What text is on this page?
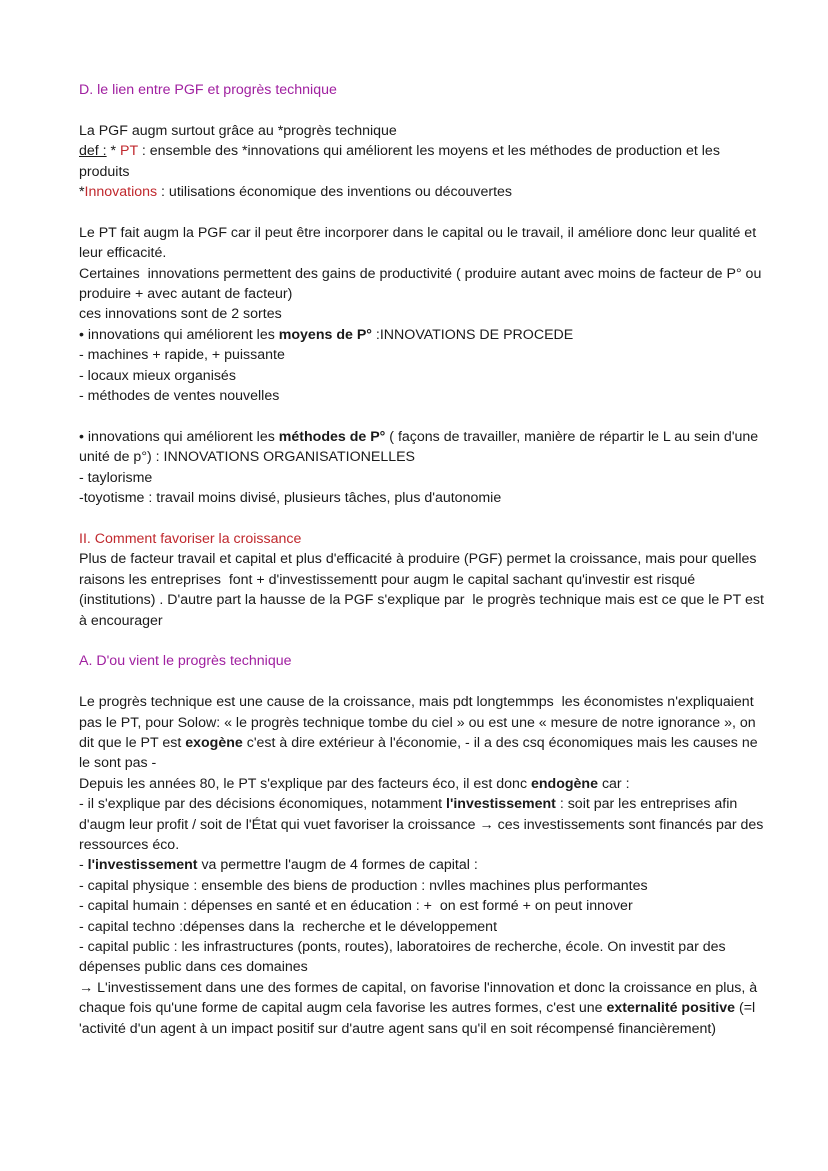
D. le lien entre PGF et progrès technique

La PGF augm surtout grâce au *progrès technique

def : * PT : ensemble des *innovations qui améliorent les moyens et les méthodes de production et les produits

*Innovations : utilisations économique des inventions ou découvertes

Le PT fait augm la PGF car il peut être incorporer dans le capital ou le travail, il améliore donc leur qualité et leur efficacité.

Certaines  innovations permettent des gains de productivité ( produire autant avec moins de facteur de P° ou produire + avec autant de facteur)

ces innovations sont de 2 sortes

• innovations qui améliorent les moyens de P° :INNOVATIONS DE PROCEDE

- machines + rapide, + puissante

- locaux mieux organisés

- méthodes de ventes nouvelles

• innovations qui améliorent les méthodes de P° ( façons de travailler, manière de répartir le L au sein d'une unité de p°) : INNOVATIONS ORGANISATIONELLES

- taylorisme

-toyotisme : travail moins divisé, plusieurs tâches, plus d'autonomie

II. Comment favoriser la croissance

Plus de facteur travail et capital et plus d'efficacité à produire (PGF) permet la croissance, mais pour quelles raisons les entreprises  font + d'investissementt pour augm le capital sachant qu'investir est risqué (institutions) . D'autre part la hausse de la PGF s'explique par  le progrès technique mais est ce que le PT est à encourager

A. D'ou vient le progrès technique

Le progrès technique est une cause de la croissance, mais pdt longtemmps  les économistes n'expliquaient pas le PT, pour Solow: « le progrès technique tombe du ciel » ou est une « mesure de notre ignorance », on dit que le PT est exogène c'est à dire extérieur à l'économie, - il a des csq économiques mais les causes ne le sont pas -

Depuis les années 80, le PT s'explique par des facteurs éco, il est donc endogène car :

- il s'explique par des décisions économiques, notamment l'investissement : soit par les entreprises afin d'augm leur profit / soit de l'État qui vuet favoriser la croissance → ces investissements sont financés par des ressources éco.

- l'investissement va permettre l'augm de 4 formes de capital :

- capital physique : ensemble des biens de production : nvlles machines plus performantes

- capital humain : dépenses en santé et en éducation : +  on est formé + on peut innover

- capital techno :dépenses dans la  recherche et le développement

- capital public : les infrastructures (ponts, routes), laboratoires de recherche, école. On investit par des dépenses public dans ces domaines

→ L'investissement dans une des formes de capital, on favorise l'innovation et donc la croissance en plus, à chaque fois qu'une forme de capital augm cela favorise les autres formes, c'est une externalité positive (=l 'activité d'un agent à un impact positif sur d'autre agent sans qu'il en soit récompensé financièrement)
